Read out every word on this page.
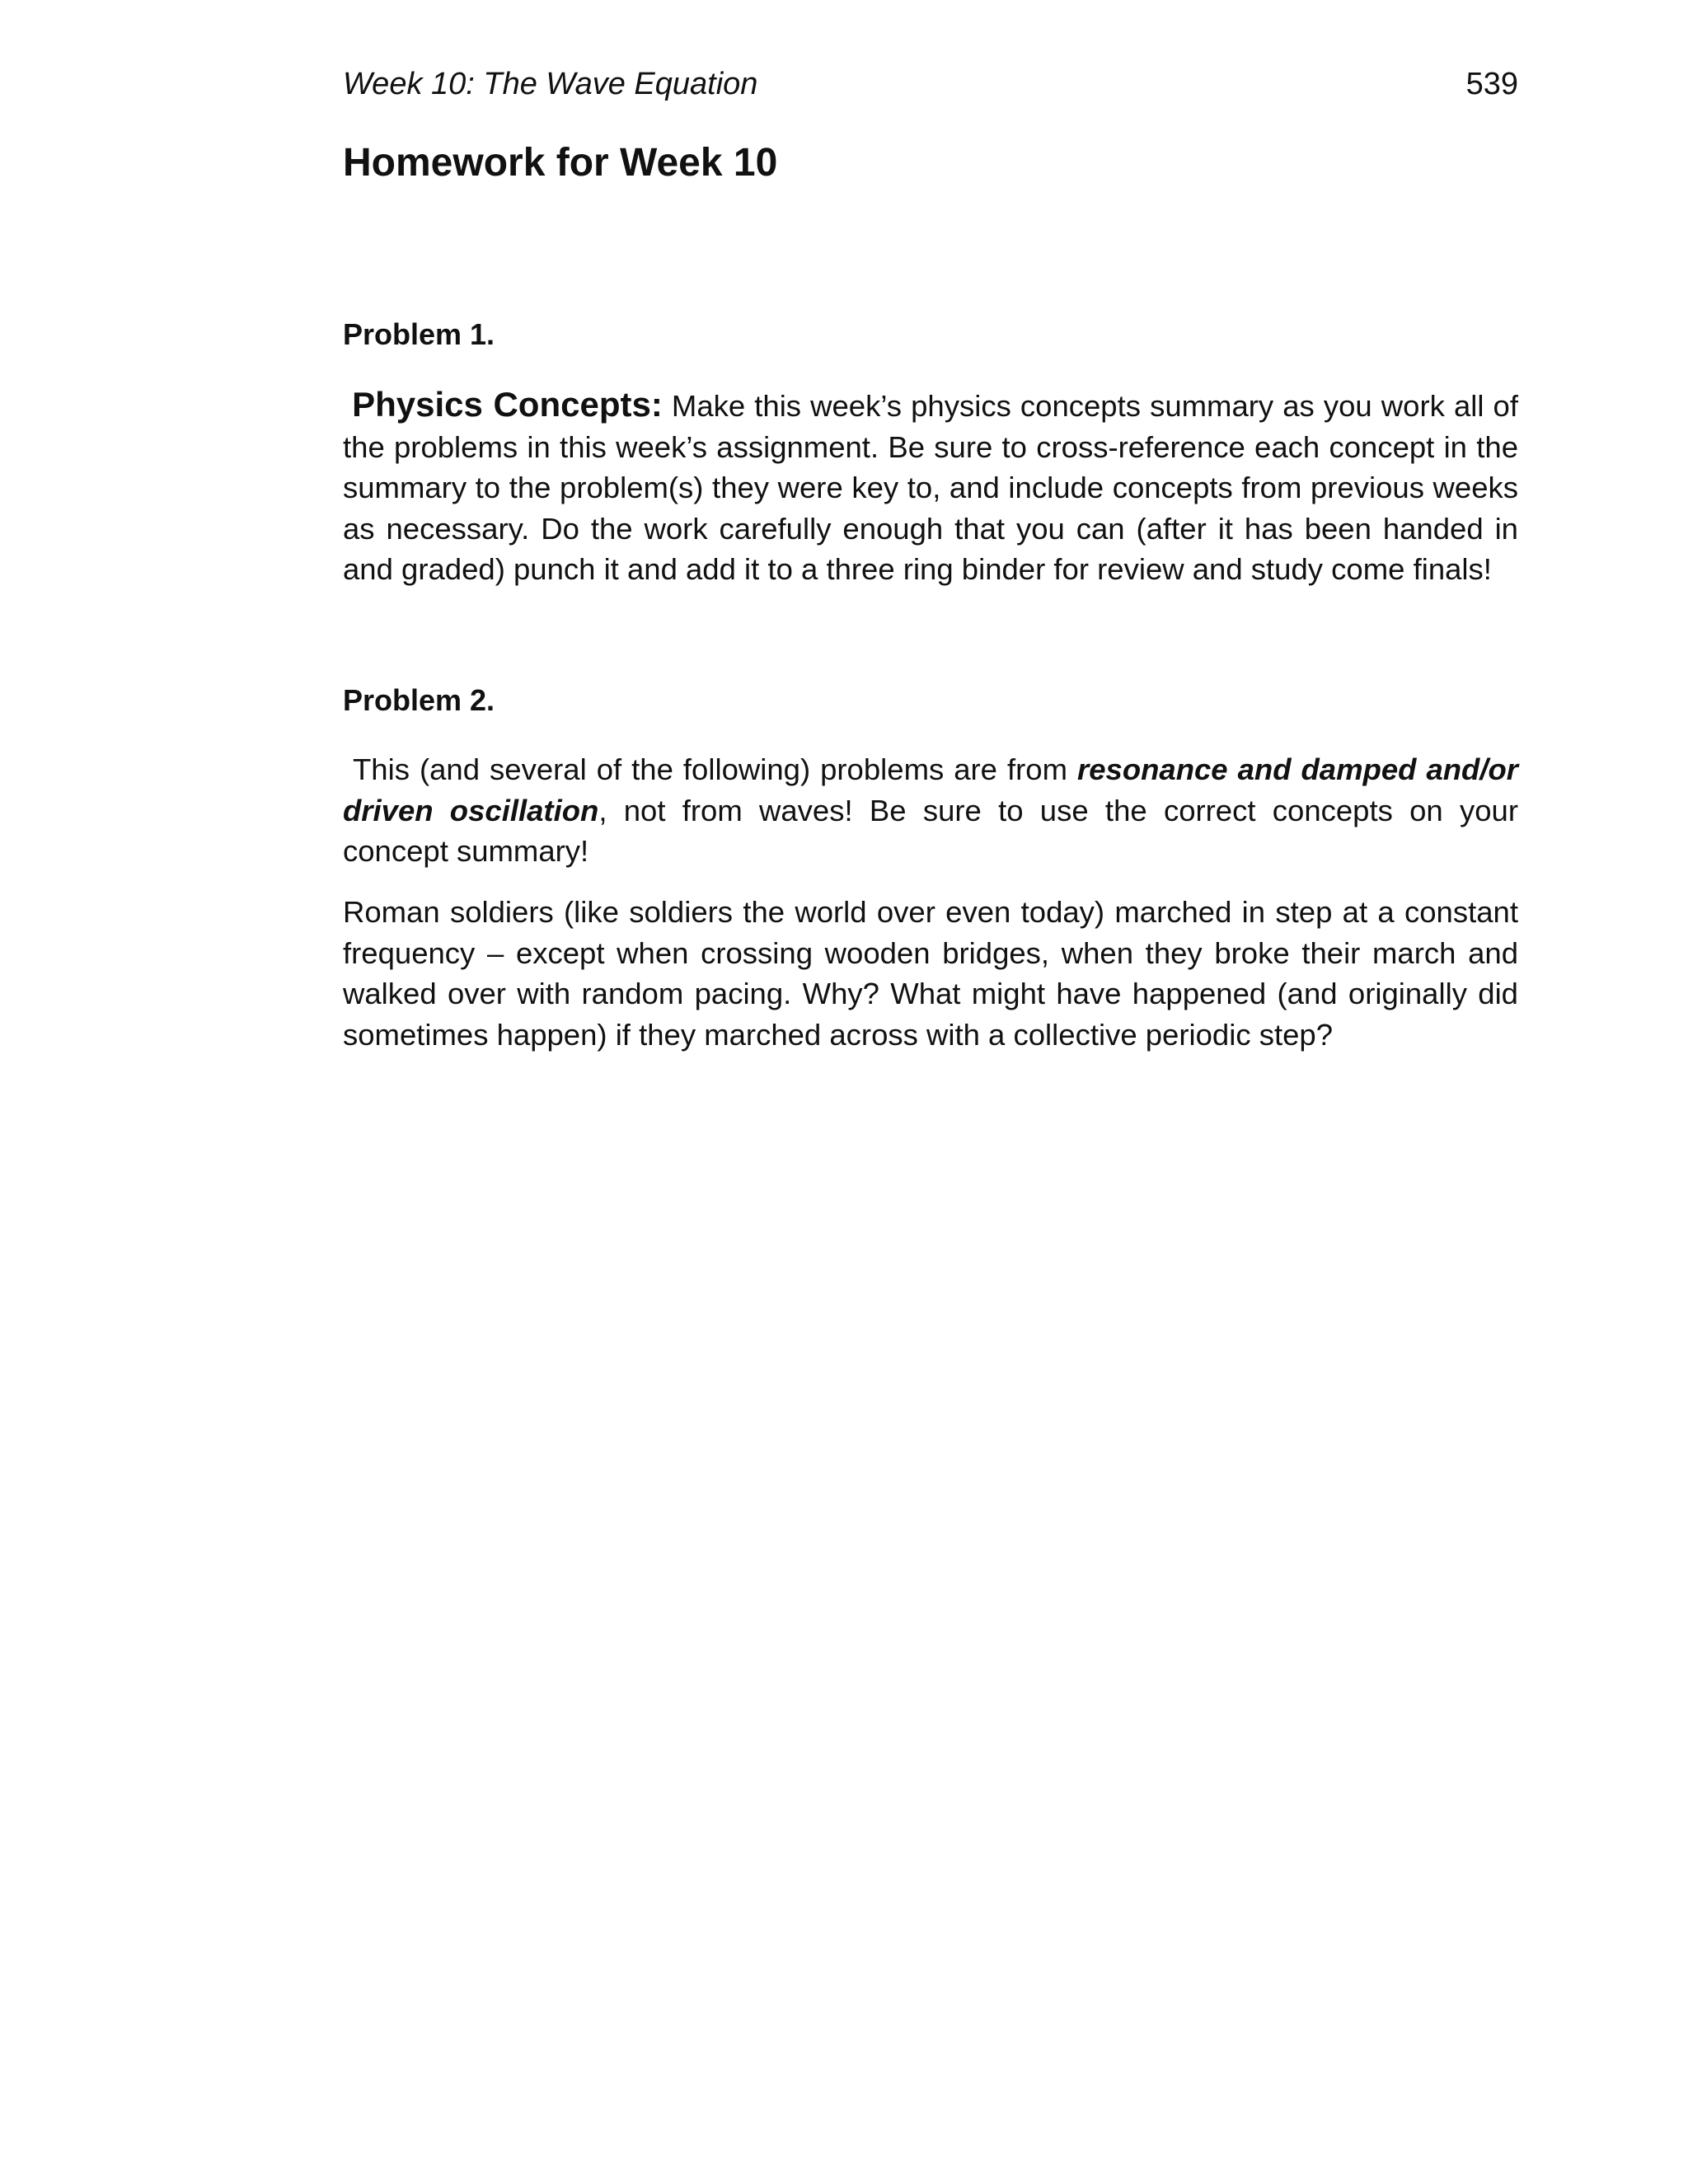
Week 10: The Wave Equation	539
Homework for Week 10
Problem 1.

Physics Concepts: Make this week’s physics concepts summary as you work all of the problems in this week’s assignment. Be sure to cross-reference each concept in the summary to the problem(s) they were key to, and include concepts from previous weeks as necessary. Do the work carefully enough that you can (after it has been handed in and graded) punch it and add it to a three ring binder for review and study come finals!

Problem 2.

This (and several of the following) problems are from resonance and damped and/or driven oscillation, not from waves! Be sure to use the correct concepts on your concept summary!

Roman soldiers (like soldiers the world over even today) marched in step at a constant frequency – except when crossing wooden bridges, when they broke their march and walked over with random pacing. Why? What might have happened (and originally did sometimes happen) if they marched across with a collective periodic step?
